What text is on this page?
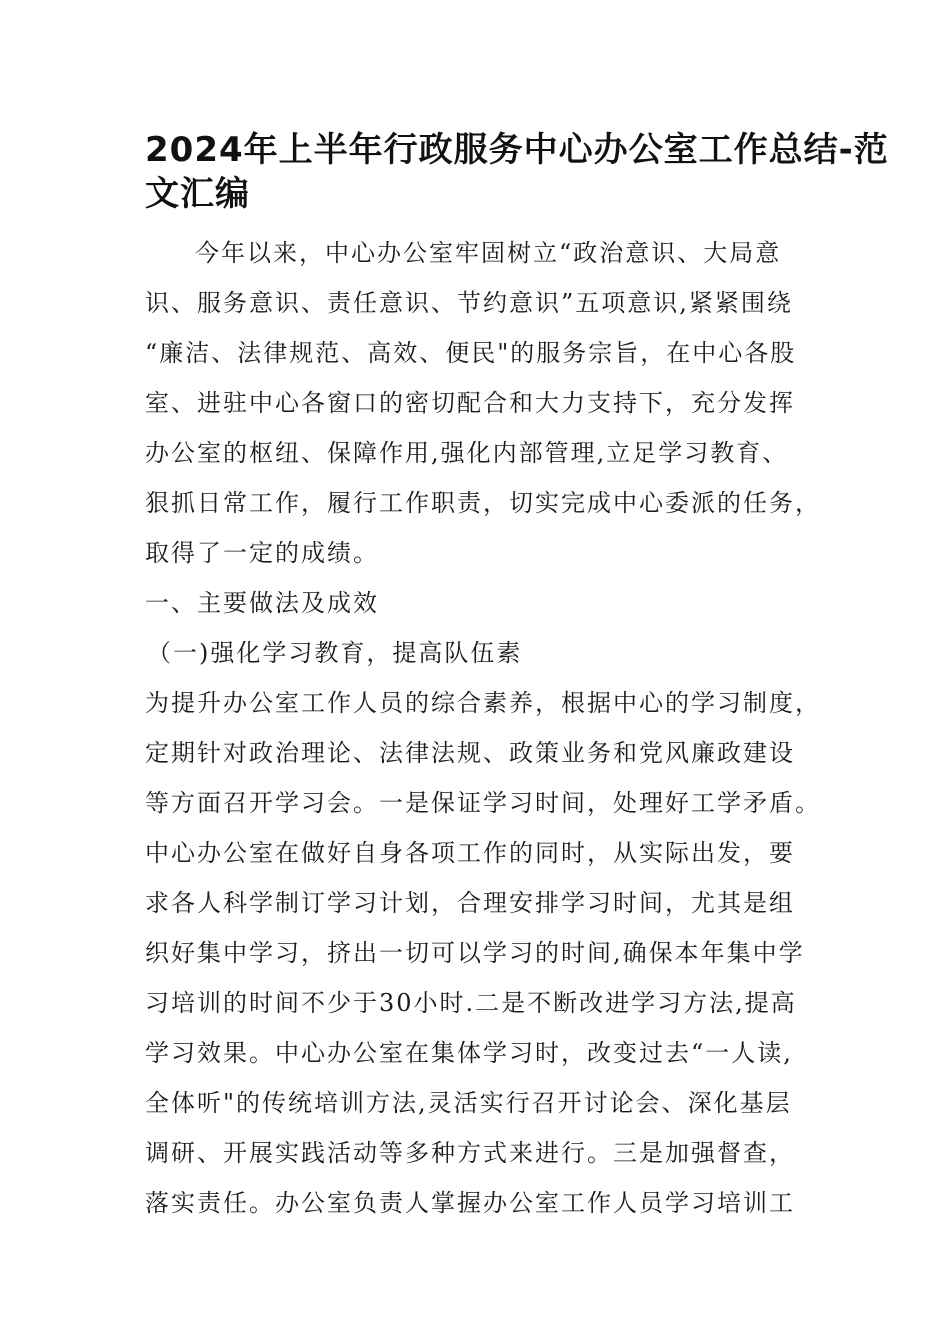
2024年上半年行政服务中心办公室工作总结-范
文汇编
今年以来，中心办公室牢固树立“政治意识、大局意
识、服务意识、责任意识、节约意识”五项意识,紧紧围绕
“廉洁、法律规范、高效、便民"的服务宗旨，在中心各股
室、进驻中心各窗口的密切配合和大力支持下，充分发挥
办公室的枢纽、保障作用,强化内部管理,立足学习教育、
狠抓日常工作，履行工作职责，切实完成中心委派的任务，
取得了一定的成绩。
一、主要做法及成效
（一)强化学习教育，提高队伍素
为提升办公室工作人员的综合素养，根据中心的学习制度，
定期针对政治理论、法律法规、政策业务和党风廉政建设
等方面召开学习会。一是保证学习时间，处理好工学矛盾。
中心办公室在做好自身各项工作的同时，从实际出发，要
求各人科学制订学习计划，合理安排学习时间，尤其是组
织好集中学习，挤出一切可以学习的时间,确保本年集中学
习培训的时间不少于30小时.二是不断改进学习方法,提高
学习效果。中心办公室在集体学习时，改变过去“一人读,
全体听"的传统培训方法,灵活实行召开讨论会、深化基层
调研、开展实践活动等多种方式来进行。三是加强督查，
落实责任。办公室负责人掌握办公室工作人员学习培训工
